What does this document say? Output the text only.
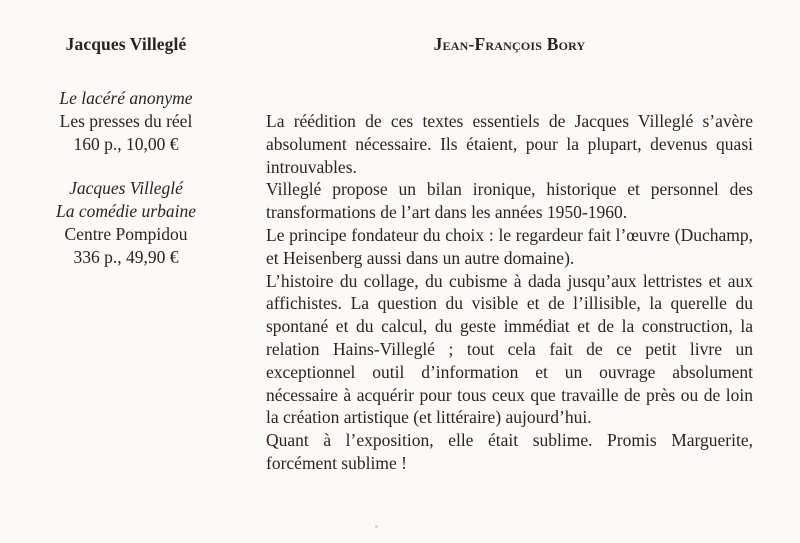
Jacques Villeglé
Le lacéré anonyme
Les presses du réel
160 p., 10,00 €
Jacques Villeglé
La comédie urbaine
Centre Pompidou
336 p., 49,90 €
Jean-François Bory

La réédition de ces textes essentiels de Jacques Villeglé s’avère absolument nécessaire. Ils étaient, pour la plupart, devenus quasi introuvables.

Villeglé propose un bilan ironique, historique et personnel des transformations de l’art dans les années 1950-1960.

Le principe fondateur du choix : le regardeur fait l’œuvre (Duchamp, et Heisenberg aussi dans un autre domaine).

L’histoire du collage, du cubisme à dada jusqu’aux lettristes et aux affichistes. La question du visible et de l’illisible, la querelle du spontané et du calcul, du geste immédiat et de la construction, la relation Hains-Villeglé ; tout cela fait de ce petit livre un exceptionnel outil d’information et un ouvrage absolument nécessaire à acquérir pour tous ceux que travaille de près ou de loin la création artistique (et littéraire) aujourd’hui.

Quant à l’exposition, elle était sublime. Promis Marguerite, forcément sublime !
